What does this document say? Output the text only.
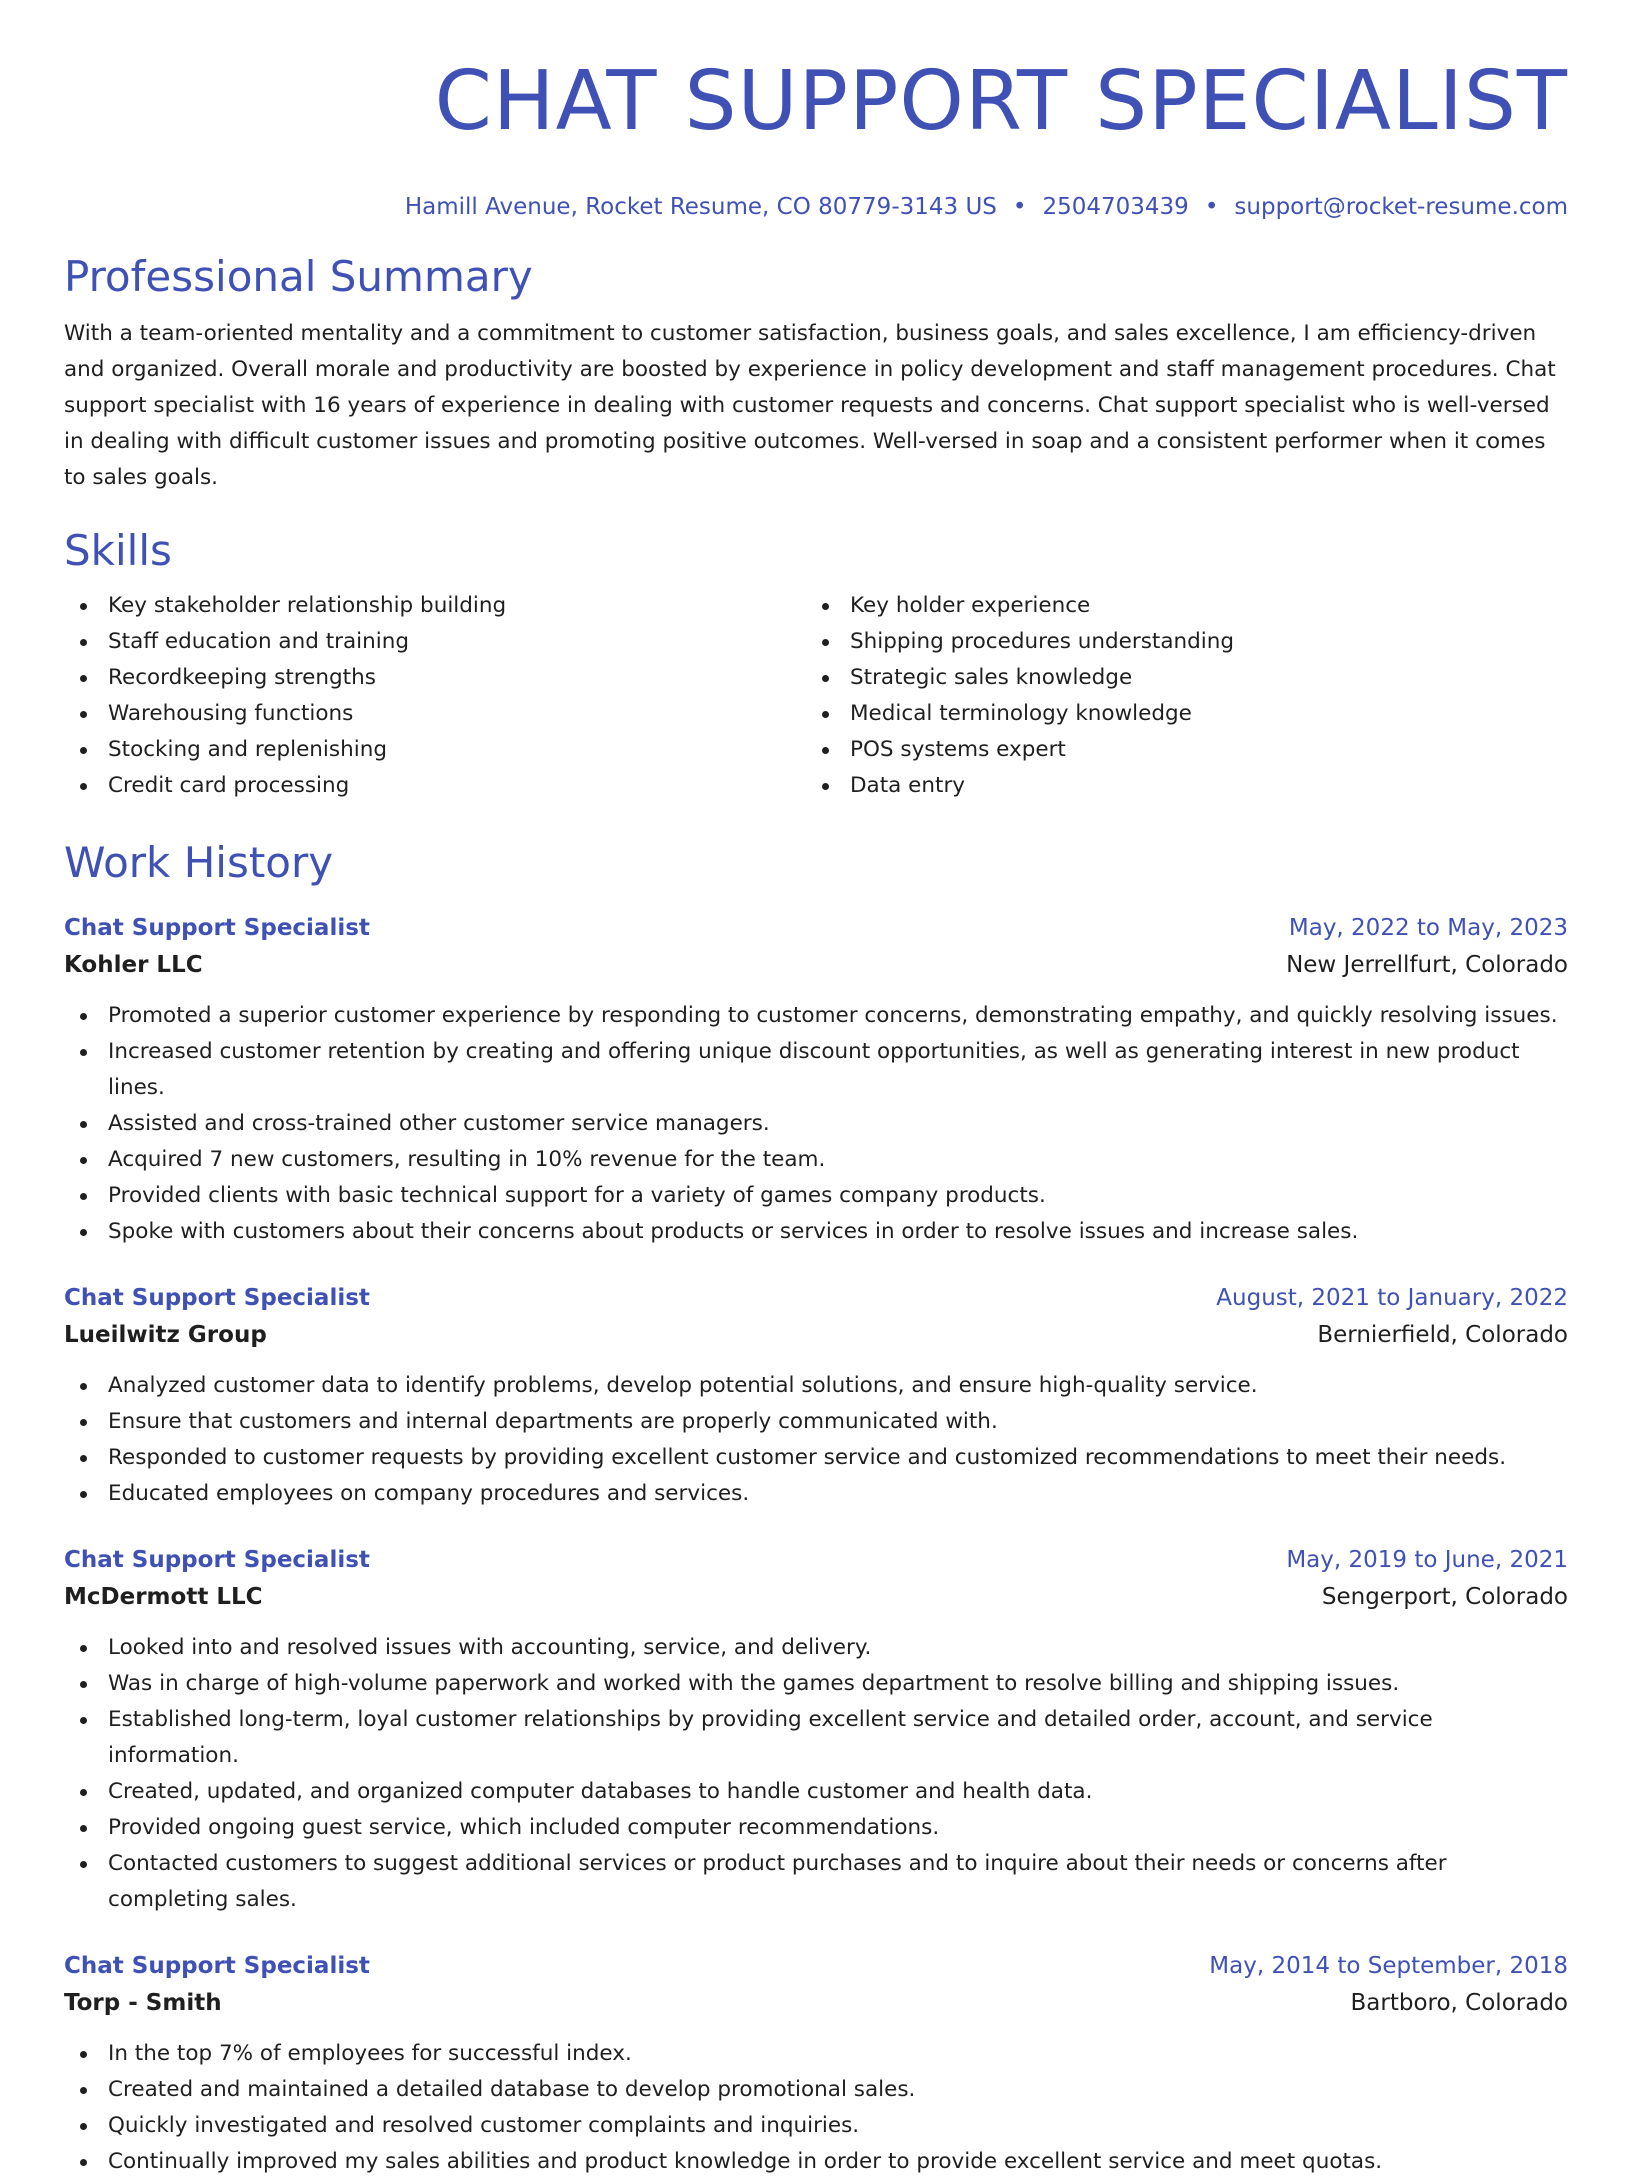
CHAT SUPPORT SPECIALIST
Hamill Avenue, Rocket Resume, CO 80779-3143 US • 2504703439 • support@rocket-resume.com
Professional Summary

With a team-oriented mentality and a commitment to customer satisfaction, business goals, and sales excellence, I am efficiency-driven and organized. Overall morale and productivity are boosted by experience in policy development and staff management procedures. Chat support specialist with 16 years of experience in dealing with customer requests and concerns. Chat support specialist who is well-versed in dealing with difficult customer issues and promoting positive outcomes. Well-versed in soap and a consistent performer when it comes to sales goals.

Skills
Key stakeholder relationship building
Staff education and training
Recordkeeping strengths
Warehousing functions
Stocking and replenishing
Credit card processing
Key holder experience
Shipping procedures understanding
Strategic sales knowledge
Medical terminology knowledge
POS systems expert
Data entry
Work History
Chat Support Specialist	May, 2022 to May, 2023
Kohler LLC	New Jerrellfurt, Colorado
Promoted a superior customer experience by responding to customer concerns, demonstrating empathy, and quickly resolving issues.
Increased customer retention by creating and offering unique discount opportunities, as well as generating interest in new product lines.
Assisted and cross-trained other customer service managers.
Acquired 7 new customers, resulting in 10% revenue for the team.
Provided clients with basic technical support for a variety of games company products.
Spoke with customers about their concerns about products or services in order to resolve issues and increase sales.
Chat Support Specialist	August, 2021 to January, 2022
Lueilwitz Group	Bernierfield, Colorado
Analyzed customer data to identify problems, develop potential solutions, and ensure high-quality service.
Ensure that customers and internal departments are properly communicated with.
Responded to customer requests by providing excellent customer service and customized recommendations to meet their needs.
Educated employees on company procedures and services.
Chat Support Specialist	May, 2019 to June, 2021
McDermott LLC	Sengerport, Colorado
Looked into and resolved issues with accounting, service, and delivery.
Was in charge of high-volume paperwork and worked with the games department to resolve billing and shipping issues.
Established long-term, loyal customer relationships by providing excellent service and detailed order, account, and service information.
Created, updated, and organized computer databases to handle customer and health data.
Provided ongoing guest service, which included computer recommendations.
Contacted customers to suggest additional services or product purchases and to inquire about their needs or concerns after completing sales.
Chat Support Specialist	May, 2014 to September, 2018
Torp - Smith	Bartboro, Colorado
In the top 7% of employees for successful index.
Created and maintained a detailed database to develop promotional sales.
Quickly investigated and resolved customer complaints and inquiries.
Continually improved my sales abilities and product knowledge in order to provide excellent service and meet quotas.
